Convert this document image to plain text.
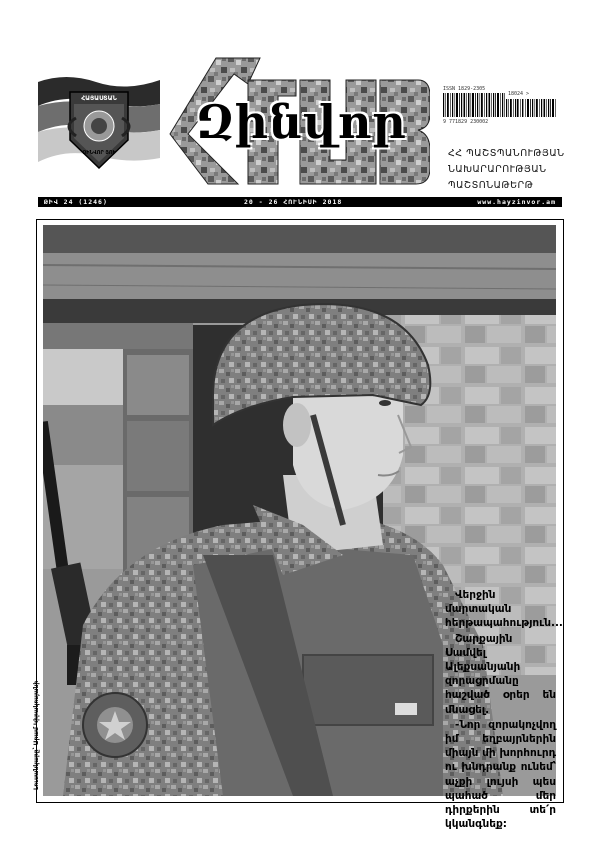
ՀԱՅԱՍՏԱՆ
ԶԻՆՎՈՐ ՅՈՒ
Զինվոր
ISSN 1829-2305
18024 >
9 771829 230002
ՀՀ ՊԱՇՏՊԱՆՈՒԹՅԱՆ
ՆԱԽԱՐԱՐՈՒԹՅԱՆ
ՊԱՇՏՈՆԱԹԵՐԹ
ԹԻՎ 24 (1246)	20 - 26 ՀՈՒՆԻՍԻ 2018	www.hayzinvor.am

Վերջին մարտական հերթապահություն...

Շարքային Սամվել Ալեքսանյանի զորացրմանը հաշված օրեր են մնացել.

-Նոր զորակոչվող իմ եղբայրներին միայն մի խորհուրդ ու խնդրանք ունեմ՝ աչքի լույսի պես պահած մեր դիրքերին տե՛ր կկանգնեք:

Լուսանկարը՝ Արամ Կիրակոսյանի
